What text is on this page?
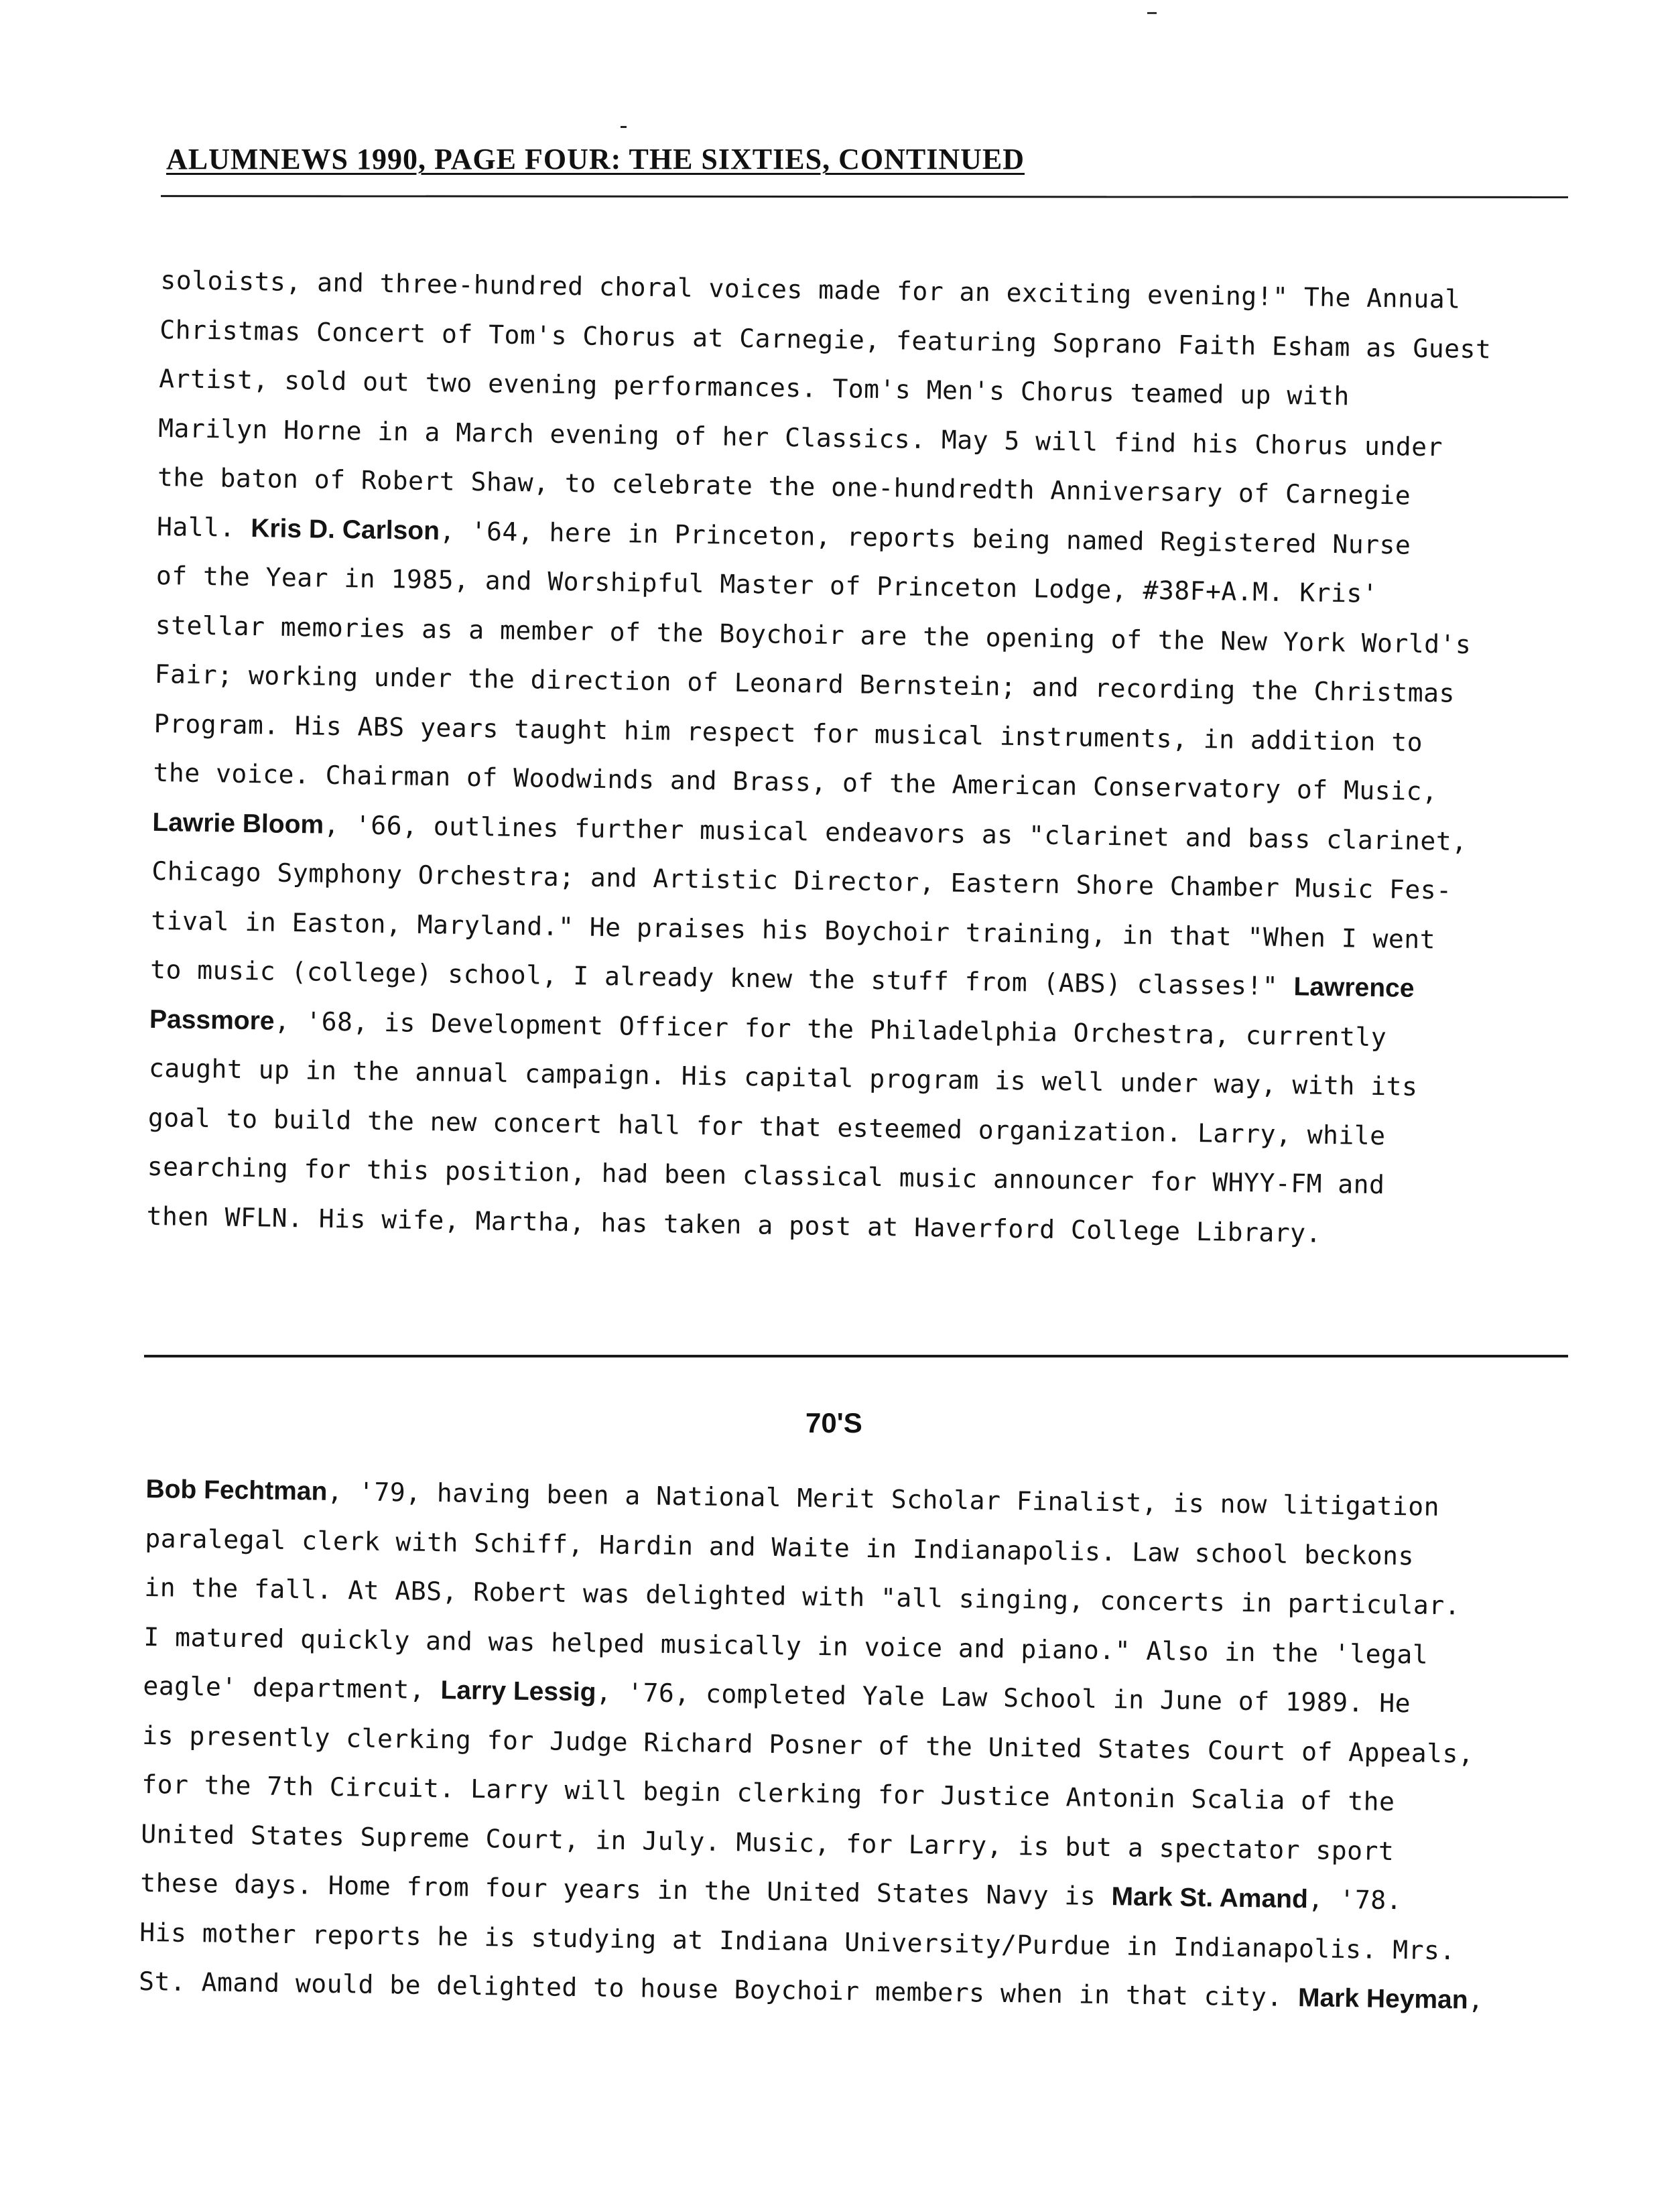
ALUMNEWS 1990, PAGE FOUR: THE SIXTIES, CONTINUED
soloists, and three-hundred choral voices made for an exciting evening!" The Annual
Christmas Concert of Tom's Chorus at Carnegie, featuring Soprano Faith Esham as Guest
Artist, sold out two evening performances. Tom's Men's Chorus teamed up with
Marilyn Horne in a March evening of her Classics. May 5 will find his Chorus under
the baton of Robert Shaw, to celebrate the one-hundredth Anniversary of Carnegie
Hall. Kris D. Carlson, '64, here in Princeton, reports being named Registered Nurse
of the Year in 1985, and Worshipful Master of Princeton Lodge, #38F+A.M. Kris'
stellar memories as a member of the Boychoir are the opening of the New York World's
Fair; working under the direction of Leonard Bernstein; and recording the Christmas
Program. His ABS years taught him respect for musical instruments, in addition to
the voice. Chairman of Woodwinds and Brass, of the American Conservatory of Music,
Lawrie Bloom, '66, outlines further musical endeavors as "clarinet and bass clarinet,
Chicago Symphony Orchestra; and Artistic Director, Eastern Shore Chamber Music Fes-
tival in Easton, Maryland." He praises his Boychoir training, in that "When I went
to music (college) school, I already knew the stuff from (ABS) classes!" Lawrence
Passmore, '68, is Development Officer for the Philadelphia Orchestra, currently
caught up in the annual campaign. His capital program is well under way, with its
goal to build the new concert hall for that esteemed organization. Larry, while
searching for this position, had been classical music announcer for WHYY-FM and
then WFLN. His wife, Martha, has taken a post at Haverford College Library.
70'S
Bob Fechtman, '79, having been a National Merit Scholar Finalist, is now litigation
paralegal clerk with Schiff, Hardin and Waite in Indianapolis. Law school beckons
in the fall. At ABS, Robert was delighted with "all singing, concerts in particular.
I matured quickly and was helped musically in voice and piano." Also in the 'legal
eagle' department, Larry Lessig, '76, completed Yale Law School in June of 1989. He
is presently clerking for Judge Richard Posner of the United States Court of Appeals,
for the 7th Circuit. Larry will begin clerking for Justice Antonin Scalia of the
United States Supreme Court, in July. Music, for Larry, is but a spectator sport
these days. Home from four years in the United States Navy is Mark St. Amand, '78.
His mother reports he is studying at Indiana University/Purdue in Indianapolis. Mrs.
St. Amand would be delighted to house Boychoir members when in that city. Mark Heyman,
